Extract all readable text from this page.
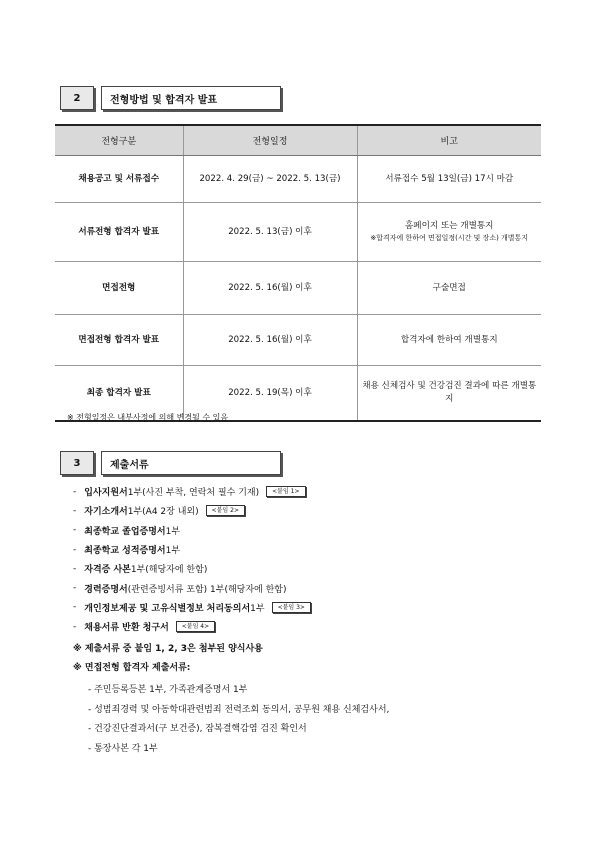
2	전형방법 및 합격자 발표
전형구분	전형일정	비고
채용공고 및 서류접수	2022. 4. 29(금) ~ 2022. 5. 13(금)	서류접수 5월 13일(금) 17시 마감
서류전형 합격자 발표	2022. 5. 13(금) 이후	홈페이지 또는 개별통지
※합격자에 한하여 면접일정(시간 및 장소) 개별통지

면접전형	2022. 5. 16(월) 이후	구술면접
면접전형 합격자 발표	2022. 5. 16(월) 이후	합격자에 한하여 개별통지
최종 합격자 발표	2022. 5. 19(목) 이후	채용 신체검사 및 건강검진 결과에 따른 개별통지
※ 전형일정은 내부사정에 의해 변경될 수 있음
3	제출서류
- 입사지원서 1부(사진 부착, 연락처 필수 기재)	<붙임 1>
- 자기소개서 1부(A4 2장 내외)	<붙임 2>
- 최종학교 졸업증명서 1부
- 최종학교 성적증명서 1부
- 자격증 사본 1부(해당자에 한함)
- 경력증명서 (관련증빙서류 포함) 1부(해당자에 한함)
- 개인정보제공 및 고유식별정보 처리동의서 1부	<붙임 3>
- 채용서류 반환 청구서	<붙임 4>
※ 제출서류 중 붙임 1, 2, 3은 첨부된 양식사용
※ 면접전형 합격자 제출서류:
- 주민등록등본 1부, 가족관계증명서 1부
- 성범죄경력 및 아동학대관련범죄 전력조회 동의서, 공무원 채용 신체검사서,
- 건강진단결과서(구 보건증), 잠복결핵감염 검진 확인서
- 통장사본 각 1부
